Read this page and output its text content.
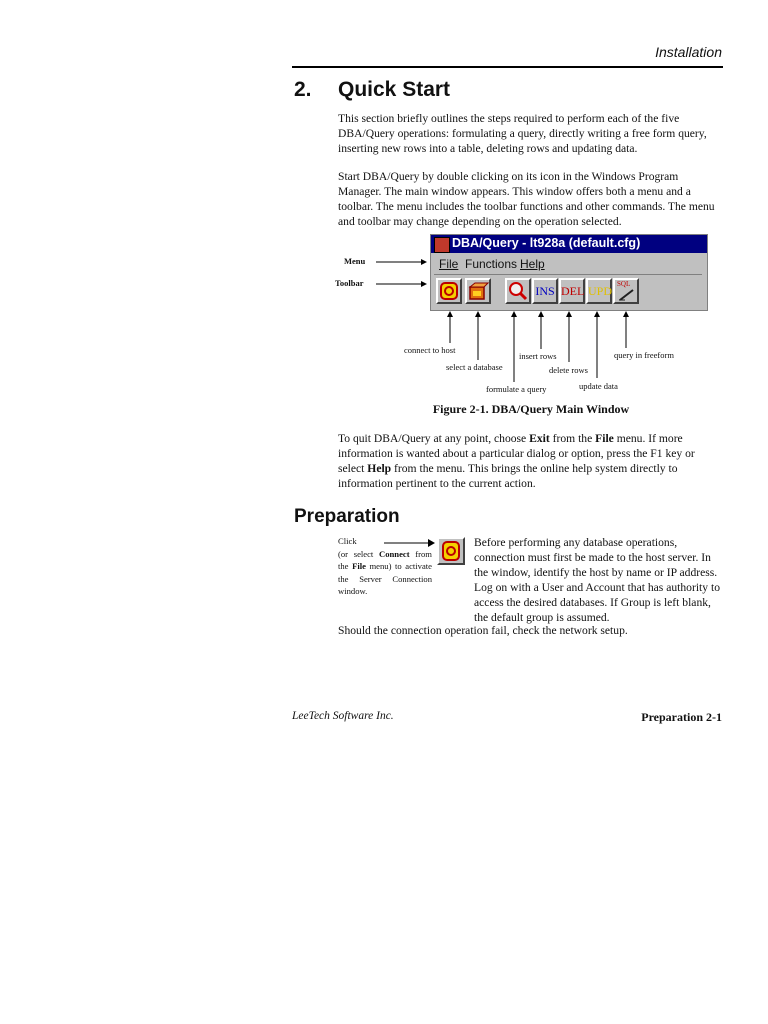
Installation
2. Quick Start
This section briefly outlines the steps required to perform each of the five DBA/Query operations: formulating a query, directly writing a free form query, inserting new rows into a table, deleting rows and updating data.
Start DBA/Query by double clicking on its icon in the Windows Program Manager. The main window appears. This window offers both a menu and a toolbar. The menu includes the toolbar functions and other commands. The menu and toolbar may change depending on the operation selected.
DBA/Query - lt928a (default.cfg)
File Functions Help
INS DEL UPD SQL
Menu
Toolbar
connect to host
select a database
formulate a query
insert rows
delete rows
update data
query in freeform
Figure 2-1. DBA/Query Main Window
To quit DBA/Query at any point, choose Exit from the File menu. If more information is wanted about a particular dialog or option, press the F1 key or select Help from the menu. This brings the online help system directly to information pertinent to the current action.
Preparation
Click
(or select Connect from the File menu) to activate the Server Connection window.
Before performing any database operations, connection must first be made to the host server. In the window, identify the host by name or IP address. Log on with a User and Account that has authority to access the desired databases. If Group is left blank, the default group is assumed.
Should the connection operation fail, check the network setup.
LeeTech Software Inc.	Preparation 2-1
